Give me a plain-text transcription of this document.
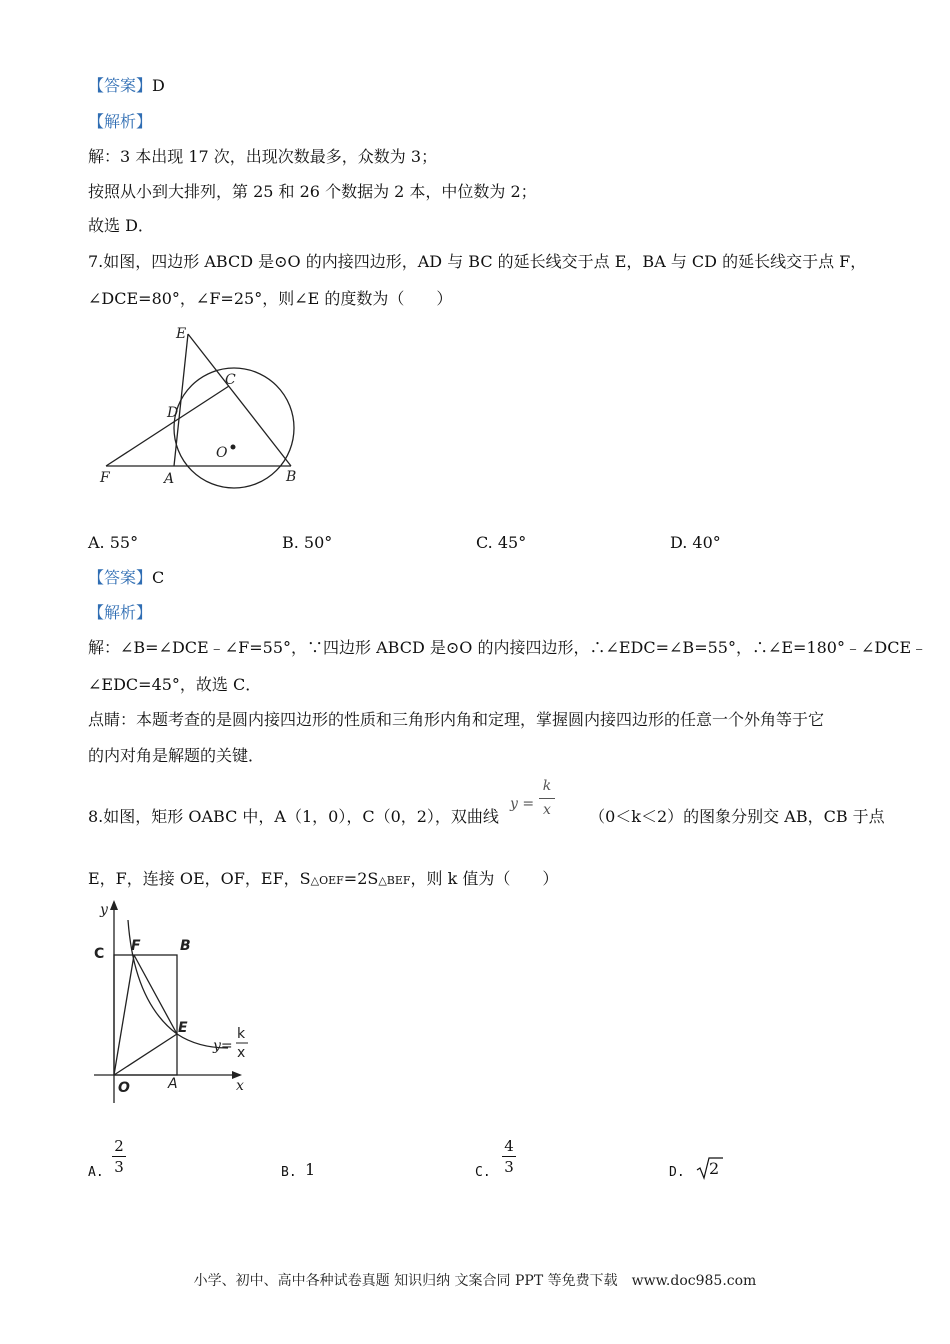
【答案】D
【解析】
解：3 本出现 17 次，出现次数最多，众数为 3；
按照从小到大排列，第 25 和 26 个数据为 2 本，中位数为 2；
故选 D．
7.如图，四边形 ABCD 是⊙O 的内接四边形，AD 与 BC 的延长线交于点 E，BA 与 CD 的延长线交于点 F，
∠DCE=80°，∠F=25°，则∠E 的度数为（　　）
E
C
D
O
F	A	B
A. 55°	B. 50°	C. 45°	D. 40°
【答案】C
【解析】
解：∠B=∠DCE﹣∠F=55°，∵四边形 ABCD 是⊙O 的内接四边形，∴∠EDC=∠B=55°，∴∠E=180°﹣∠DCE﹣
∠EDC=45°，故选 C．
点睛：本题考查的是圆内接四边形的性质和三角形内角和定理，掌握圆内接四边形的任意一个外角等于它
的内对角是解题的关键．
8.如图，矩形 OABC 中，A（1，0），C（0，2），双曲线	（0＜k＜2）的图象分别交 AB，CB 于点
y =
k
x
E，F，连接 OE，OF，EF，S△OEF=2S△BEF，则 k 值为（　　）
y
x
C F	B
E
O	A
y=
k
x
A.
2
3	B. 1	C.
4
3	D. 2
小学、初中、高中各种试卷真题 知识归纳 文案合同 PPT 等免费下载　www.doc985.com
